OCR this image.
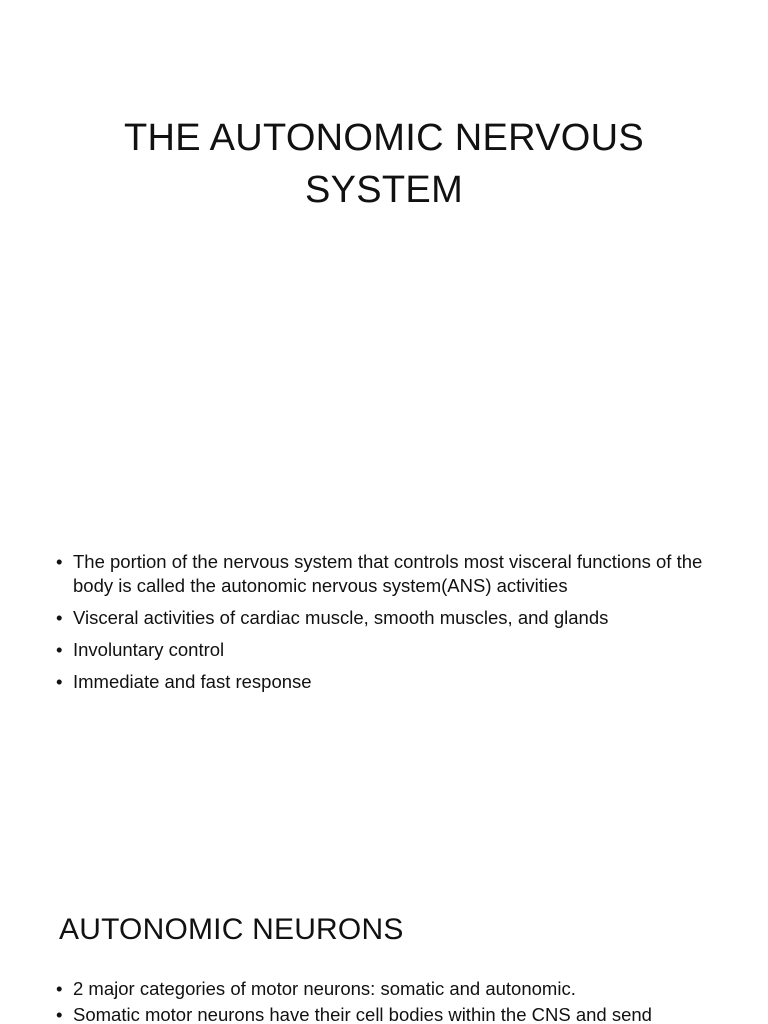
THE AUTONOMIC NERVOUS
SYSTEM
• The portion of the nervous system that controls most visceral functions of the body is called the autonomic nervous system(ANS) activities
• Visceral activities of cardiac muscle, smooth muscles, and glands
• Involuntary control
• Immediate and fast response
AUTONOMIC NEURONS
• 2 major categories of motor neurons: somatic and autonomic.
• Somatic motor neurons have their cell bodies within the CNS and send
